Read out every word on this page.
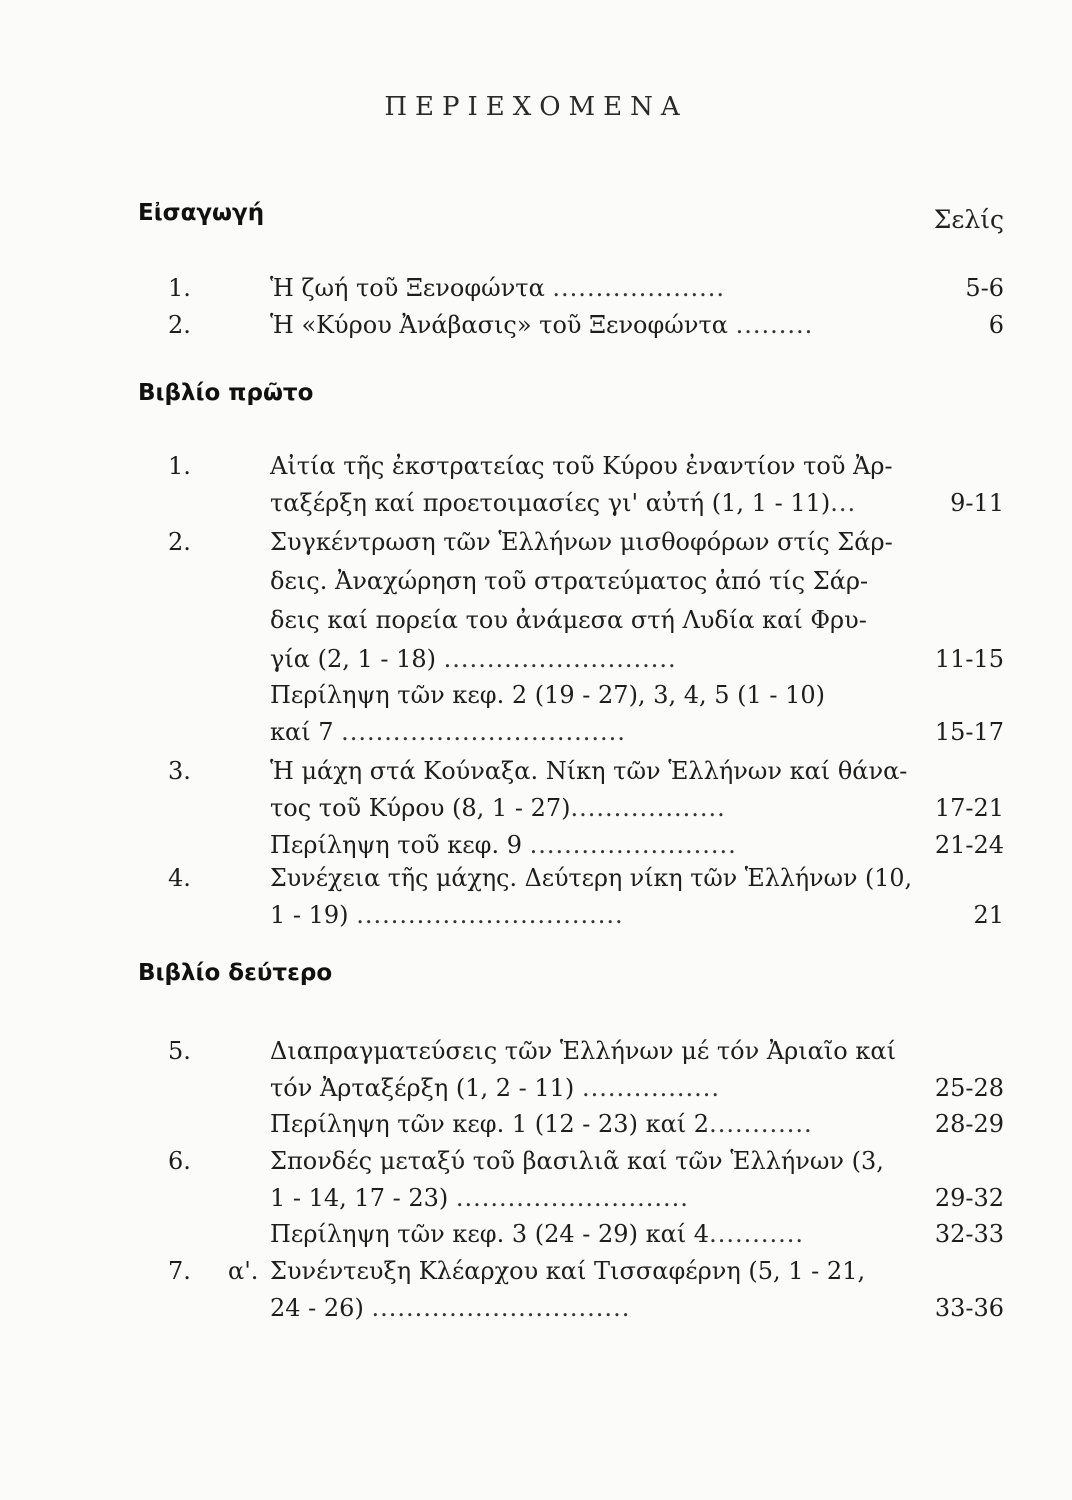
ΠΕΡΙΕΧΟΜΕΝΑ
Εἰσαγωγή	Σελίς
1.	Ἡ ζωή τοῦ Ξενοφώντα ....................	5-6
2.	Ἡ «Κύρου Ἀνάβασις» τοῦ Ξενοφώντα .........	6
Βιβλίο πρῶτο
1.	Αἰτία τῆς ἐκστρατείας τοῦ Κύρου ἐναντίον τοῦ Ἀρ-
ταξέρξη καί προετοιμασίες γι' αὐτή (1, 1 - 11)...	9-11
2.	Συγκέντρωση τῶν Ἑλλήνων μισθοφόρων στίς Σάρ-
δεις. Ἀναχώρηση τοῦ στρατεύματος ἀπό τίς Σάρ-
δεις καί πορεία του ἀνάμεσα στή Λυδία καί Φρυ-
γία (2, 1 - 18) ...........................	11-15
Περίληψη τῶν κεφ. 2 (19 - 27), 3, 4, 5 (1 - 10)
καί 7 .................................	15-17
3.	Ἡ μάχη στά Κούναξα. Νίκη τῶν Ἑλλήνων καί θάνα-
τος τοῦ Κύρου (8, 1 - 27)..................	17-21
Περίληψη τοῦ κεφ. 9 ........................	21-24
4.	Συνέχεια τῆς μάχης. Δεύτερη νίκη τῶν Ἑλλήνων (10,
1 - 19) ...............................	21
Βιβλίο δεύτερο
5.	Διαπραγματεύσεις τῶν Ἑλλήνων μέ τόν Ἀριαῖο καί
τόν Ἀρταξέρξη (1, 2 - 11) ................	25-28
Περίληψη τῶν κεφ. 1 (12 - 23) καί 2............	28-29
6.	Σπονδές μεταξύ τοῦ βασιλιᾶ καί τῶν Ἑλλήνων (3,
1 - 14, 17 - 23) ...........................	29-32
Περίληψη τῶν κεφ. 3 (24 - 29) καί 4...........	32-33
7. α'. Συνέντευξη Κλέαρχου καί Τισσαφέρνη (5, 1 - 21,
24 - 26) ..............................	33-36
